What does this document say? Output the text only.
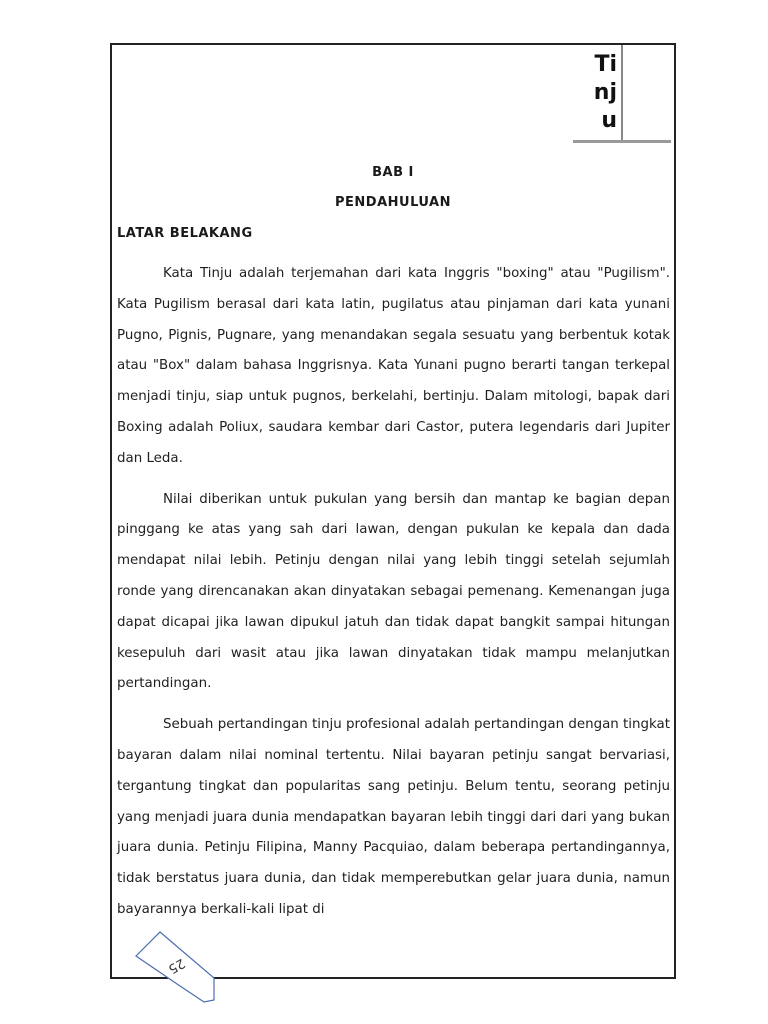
Ti
nj
u
BAB I
PENDAHULUAN
LATAR BELAKANG

Kata Tinju adalah terjemahan dari kata Inggris "boxing" atau "Pugilism". Kata Pugilism berasal dari kata latin, pugilatus atau pinjaman dari kata yunani Pugno, Pignis, Pugnare, yang menandakan segala sesuatu yang berbentuk kotak atau "Box" dalam bahasa Inggrisnya. Kata Yunani pugno berarti tangan terkepal menjadi tinju, siap untuk pugnos, berkelahi, bertinju. Dalam mitologi, bapak dari Boxing adalah Poliux, saudara kembar dari Castor, putera legendaris dari Jupiter dan Leda.

Nilai diberikan untuk pukulan yang bersih dan mantap ke bagian depan pinggang ke atas yang sah dari lawan, dengan pukulan ke kepala dan dada mendapat nilai lebih. Petinju dengan nilai yang lebih tinggi setelah sejumlah ronde yang direncanakan akan dinyatakan sebagai pemenang. Kemenangan juga dapat dicapai jika lawan dipukul jatuh dan tidak dapat bangkit sampai hitungan kesepuluh dari wasit atau jika lawan dinyatakan tidak mampu melanjutkan pertandingan.

Sebuah pertandingan tinju profesional adalah pertandingan dengan tingkat bayaran dalam nilai nominal tertentu. Nilai bayaran petinju sangat bervariasi, tergantung tingkat dan popularitas sang petinju. Belum tentu, seorang petinju yang menjadi juara dunia mendapatkan bayaran lebih tinggi dari dari yang bukan juara dunia. Petinju Filipina, Manny Pacquiao, dalam beberapa pertandingannya, tidak berstatus juara dunia, dan tidak memperebutkan gelar juara dunia, namun bayarannya berkali-kali lipat di

25
